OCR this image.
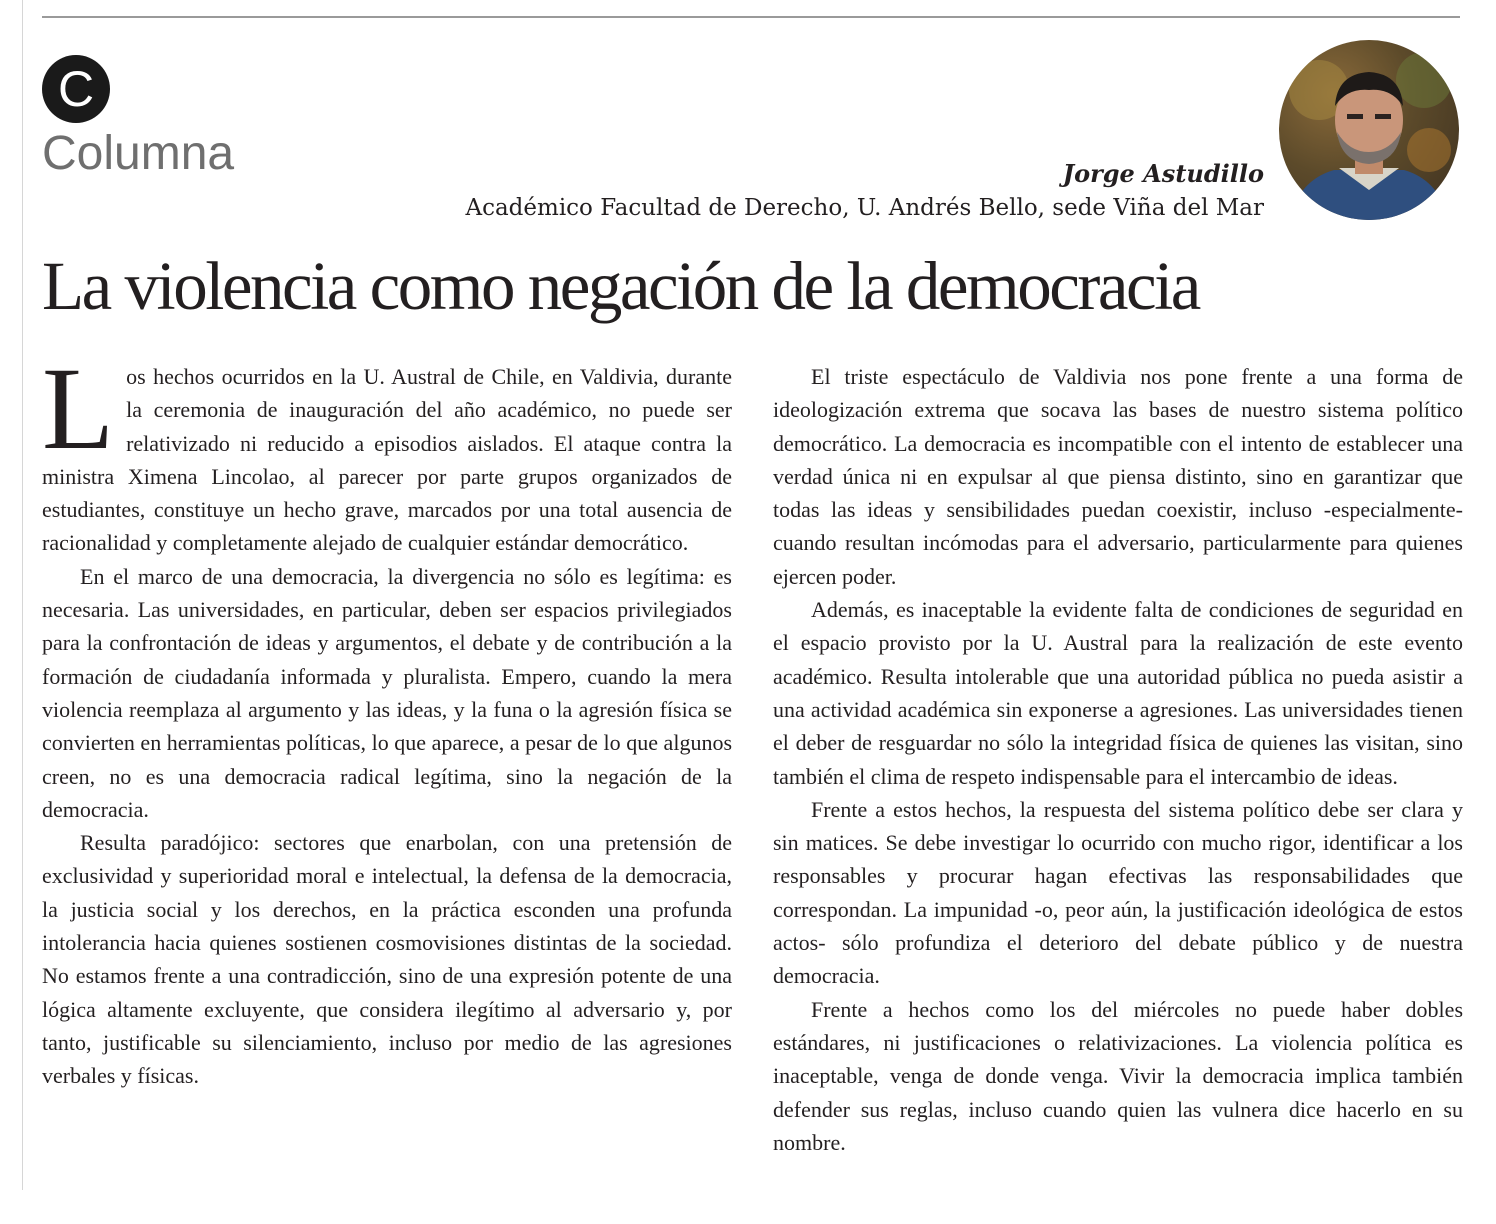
C
Columna	Jorge Astudillo
Académico Facultad de Derecho, U. Andrés Bello, sede Viña del Mar
La violencia como negación de la democracia

Los hechos ocurridos en la U. Austral de Chile, en Valdivia, durante la ceremonia de inauguración del año académico, no puede ser relativizado ni reducido a episodios aislados. El ataque contra la ministra Ximena Lincolao, al parecer por parte grupos organizados de estudiantes, constituye un hecho grave, marcados por una total ausencia de racionalidad y completamente alejado de cualquier estándar democrático.

En el marco de una democracia, la divergencia no sólo es legítima: es necesaria. Las universidades, en particular, deben ser espacios privilegiados para la confrontación de ideas y argumentos, el debate y de contribución a la formación de ciudadanía informada y pluralista. Empero, cuando la mera violencia reemplaza al argumento y las ideas, y la funa o la agresión física se convierten en herramientas políticas, lo que aparece, a pesar de lo que algunos creen, no es una democracia radical legítima, sino la negación de la democracia.

Resulta paradójico: sectores que enarbolan, con una pretensión de exclusividad y superioridad moral e intelectual, la defensa de la democracia, la justicia social y los derechos, en la práctica esconden una profunda intolerancia hacia quienes sostienen cosmovisiones distintas de la sociedad. No estamos frente a una contradicción, sino de una expresión potente de una lógica altamente excluyente, que considera ilegítimo al adversario y, por tanto, justificable su silenciamiento, incluso por medio de las agresiones verbales y físicas.

El triste espectáculo de Valdivia nos pone frente a una forma de ideologización extrema que socava las bases de nuestro sistema político democrático. La democracia es incompatible con el intento de establecer una verdad única ni en expulsar al que piensa distinto, sino en garantizar que todas las ideas y sensibilidades puedan coexistir, incluso -especialmente- cuando resultan incómodas para el adversario, particularmente para quienes ejercen poder.

Además, es inaceptable la evidente falta de condiciones de seguridad en el espacio provisto por la U. Austral para la realización de este evento académico. Resulta intolerable que una autoridad pública no pueda asistir a una actividad académica sin exponerse a agresiones. Las universidades tienen el deber de resguardar no sólo la integridad física de quienes las visitan, sino también el clima de respeto indispensable para el intercambio de ideas.

Frente a estos hechos, la respuesta del sistema político debe ser clara y sin matices. Se debe investigar lo ocurrido con mucho rigor, identificar a los responsables y procurar hagan efectivas las responsabilidades que correspondan. La impunidad -o, peor aún, la justificación ideológica de estos actos- sólo profundiza el deterioro del debate público y de nuestra democracia.

Frente a hechos como los del miércoles no puede haber dobles estándares, ni justificaciones o relativizaciones. La violencia política es inaceptable, venga de donde venga. Vivir la democracia implica también defender sus reglas, incluso cuando quien las vulnera dice hacerlo en su nombre.
